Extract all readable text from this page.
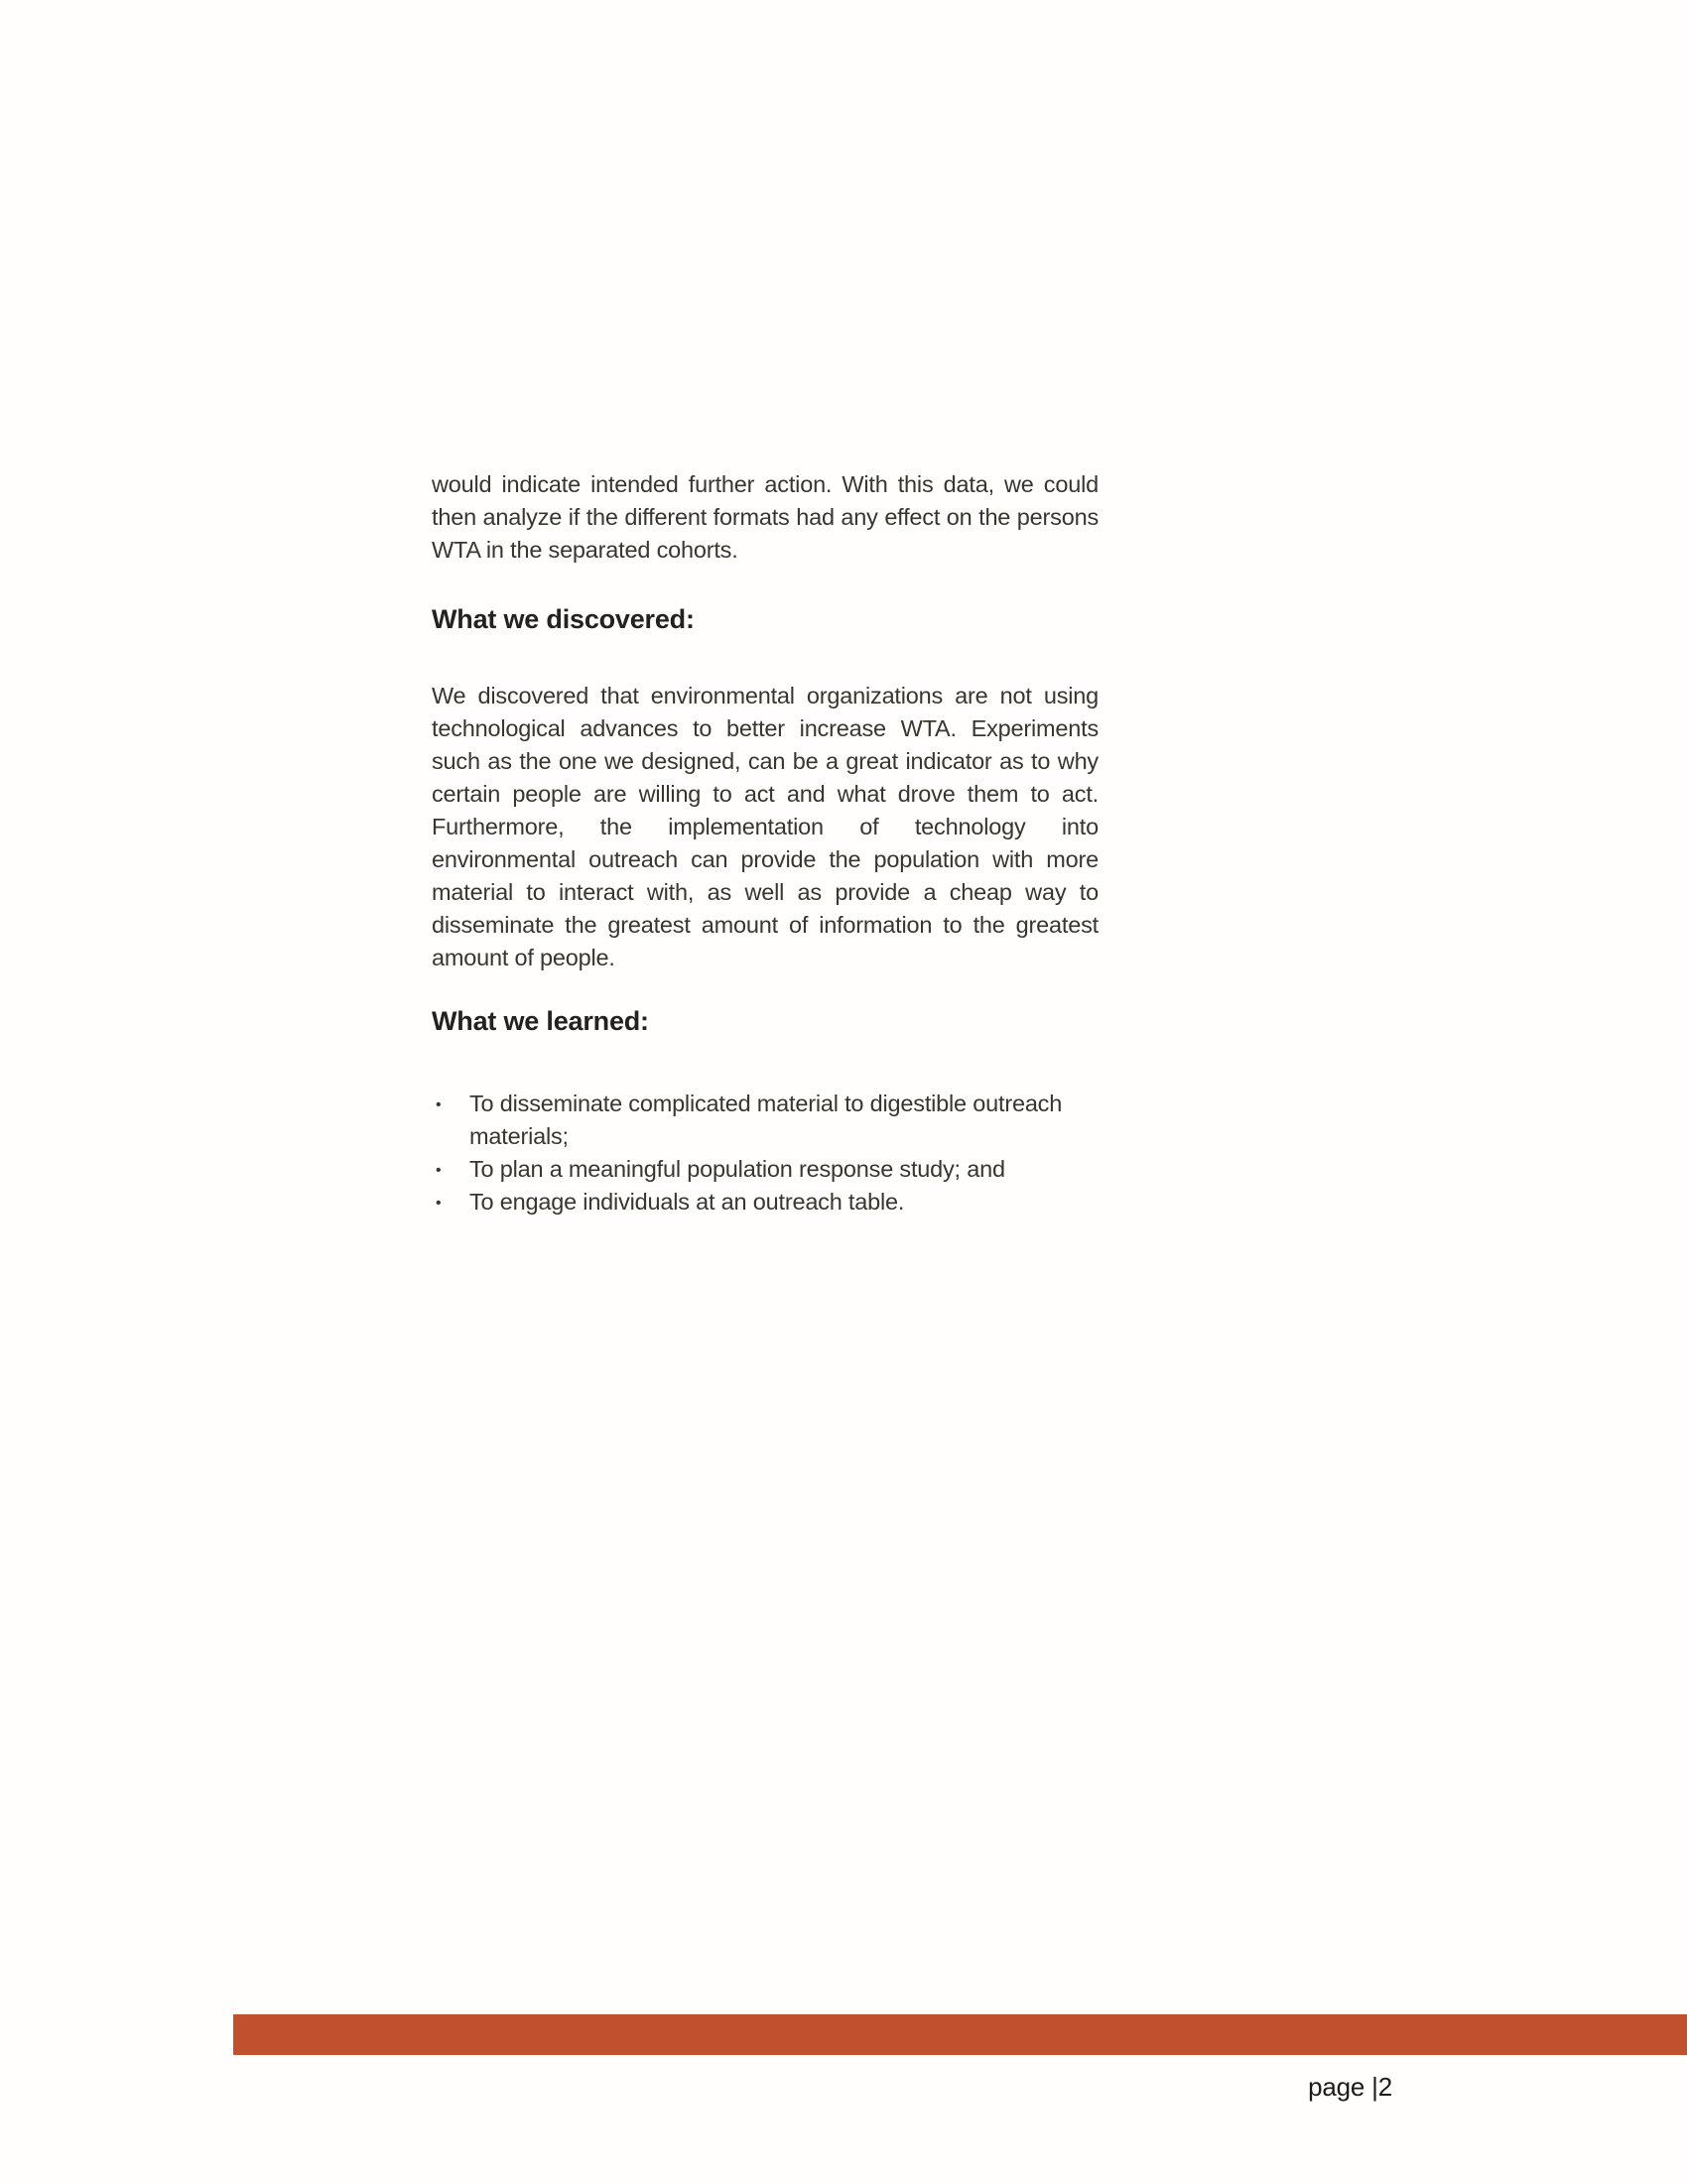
would indicate intended further action. With this data, we could then analyze if the different formats had any effect on the persons WTA in the separated cohorts.

What we discovered:

We discovered that environmental organizations are not using technological advances to better increase WTA. Experiments such as the one we designed, can be a great indicator as to why certain people are willing to act and what drove them to act. Furthermore, the implementation of technology into environmental outreach can provide the population with more material to interact with, as well as provide a cheap way to disseminate the greatest amount of information to the greatest amount of people.

What we learned:
• To disseminate complicated material to digestible outreach materials;
• To plan a meaningful population response study; and
• To engage individuals at an outreach table.
page |2
